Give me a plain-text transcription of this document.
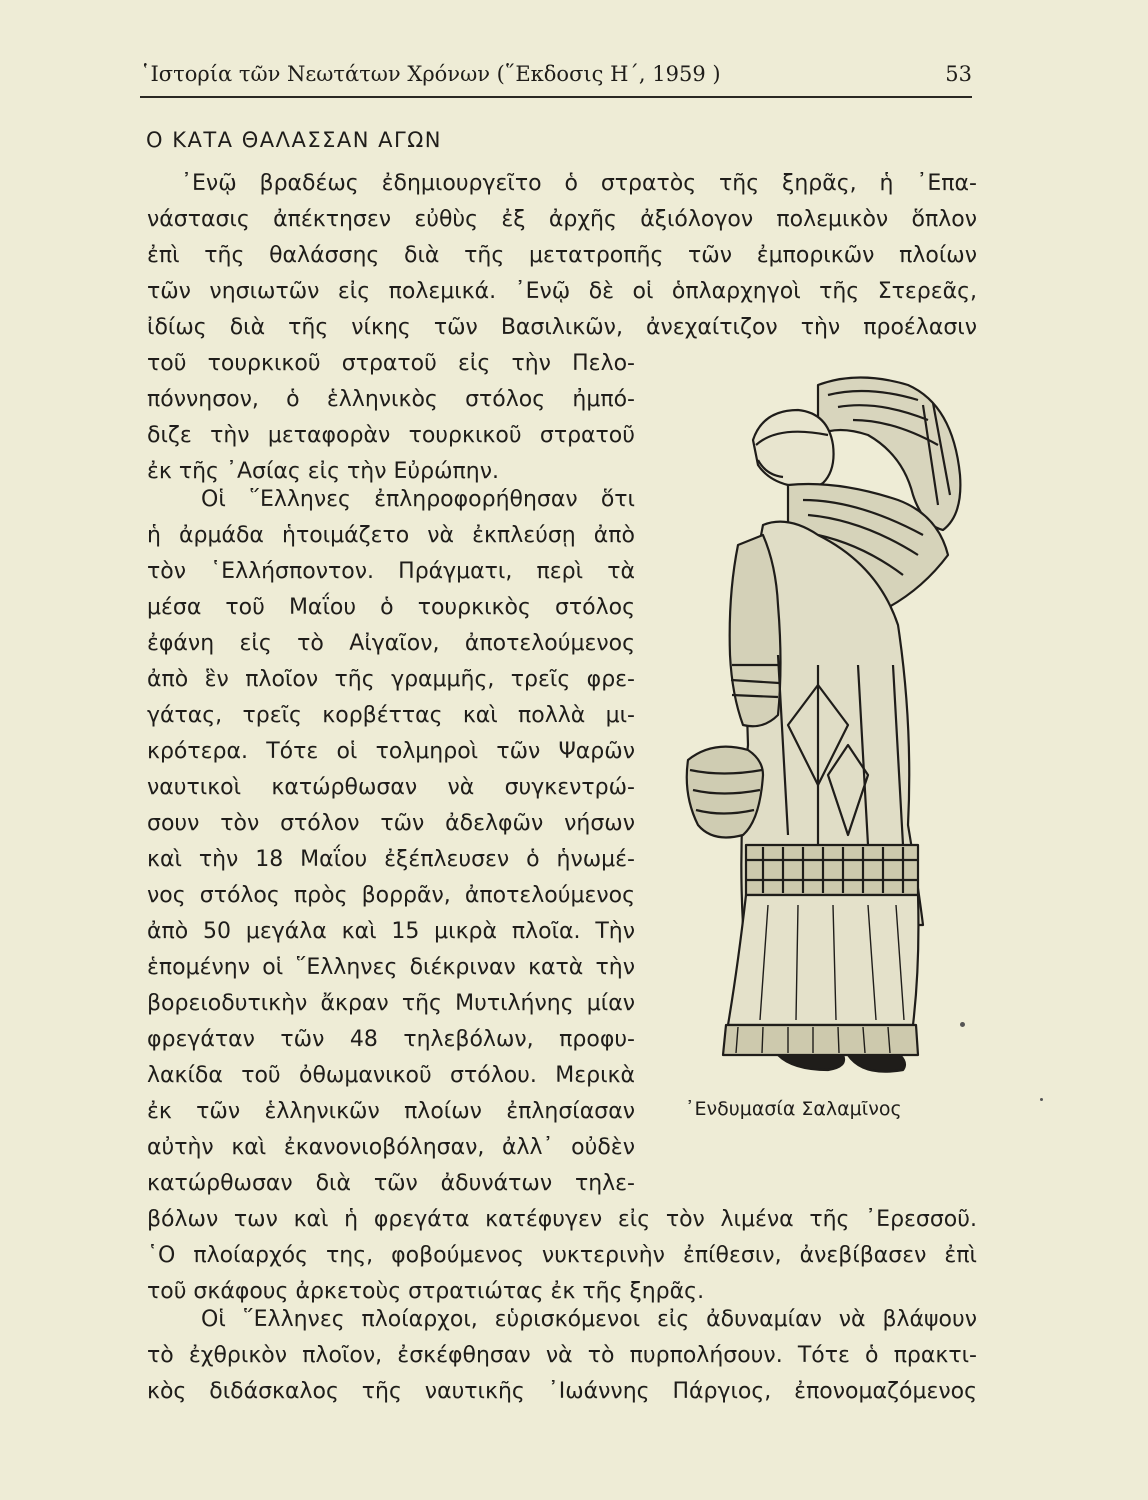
῾Ιστορία τῶν Νεωτάτων Χρόνων (῞Εκδοσις Η΄, 1959 )	53
Ο ΚΑΤΑ ΘΑΛΑΣΣΑΝ ΑΓΩΝ
᾿Ενῷ βραδέως ἐδημιουργεῖτο ὁ στρατὸς τῆς ξηρᾶς, ἡ ᾿Επα-
νάστασις ἀπέκτησεν εὐθὺς ἐξ ἀρχῆς ἀξιόλογον πολεμικὸν ὅπλον
ἐπὶ τῆς θαλάσσης διὰ τῆς μετατροπῆς τῶν ἐμπορικῶν πλοίων
τῶν νησιωτῶν εἰς πολεμικά. ᾿Ενῷ δὲ οἱ ὁπλαρχηγοὶ τῆς Στερεᾶς,
ἰδίως διὰ τῆς νίκης τῶν Βασιλικῶν, ἀνεχαίτιζον τὴν προέλασιν
τοῦ τουρκικοῦ στρατοῦ εἰς τὴν Πελο-
πόννησον, ὁ ἑλληνικὸς στόλος ἠμπό-
διζε τὴν μεταφορὰν τουρκικοῦ στρατοῦ
ἐκ τῆς ᾿Ασίας εἰς τὴν Εὐρώπην.
Οἱ ῞Ελληνες ἐπληροφορήθησαν ὅτι
ἡ ἀρμάδα ἡτοιμάζετο νὰ ἐκπλεύσῃ ἀπὸ
τὸν ῾Ελλήσποντον. Πράγματι, περὶ τὰ
μέσα τοῦ Μαΐου ὁ τουρκικὸς στόλος
ἐφάνη εἰς τὸ Αἰγαῖον, ἀποτελούμενος
ἀπὸ ἓν πλοῖον τῆς γραμμῆς, τρεῖς φρε-
γάτας, τρεῖς κορβέττας καὶ πολλὰ μι-
κρότερα. Τότε οἱ τολμηροὶ τῶν Ψαρῶν
ναυτικοὶ κατώρθωσαν νὰ συγκεντρώ-
σουν τὸν στόλον τῶν ἀδελφῶν νήσων
καὶ τὴν 18 Μαΐου ἐξέπλευσεν ὁ ἡνωμέ-
νος στόλος πρὸς βορρᾶν, ἀποτελούμενος
ἀπὸ 50 μεγάλα καὶ 15 μικρὰ πλοῖα. Τὴν
ἑπομένην οἱ ῞Ελληνες διέκριναν κατὰ τὴν
βορειοδυτικὴν ἄκραν τῆς Μυτιλήνης μίαν
φρεγάταν τῶν 48 τηλεβόλων, προφυ-
λακίδα τοῦ ὀθωμανικοῦ στόλου. Μερικὰ
ἐκ τῶν ἑλληνικῶν πλοίων ἐπλησίασαν
αὐτὴν καὶ ἐκανονιοβόλησαν, ἀλλ᾿ οὐδὲν
κατώρθωσαν διὰ τῶν ἀδυνάτων τηλε-
βόλων των καὶ ἡ φρεγάτα κατέφυγεν εἰς τὸν λιμένα τῆς ᾿Ερεσσοῦ.
῾Ο πλοίαρχός της, φοβούμενος νυκτερινὴν ἐπίθεσιν, ἀνεβίβασεν ἐπὶ
τοῦ σκάφους ἀρκετοὺς στρατιώτας ἐκ τῆς ξηρᾶς.
Οἱ ῞Ελληνες πλοίαρχοι, εὑρισκόμενοι εἰς ἀδυναμίαν νὰ βλάψουν
τὸ ἐχθρικὸν πλοῖον, ἐσκέφθησαν νὰ τὸ πυρπολήσουν. Τότε ὁ πρακτι-
κὸς διδάσκαλος τῆς ναυτικῆς ᾿Ιωάννης Πάργιος, ἐπονομαζόμενος
᾿Ενδυμασία Σαλαμῖνος
